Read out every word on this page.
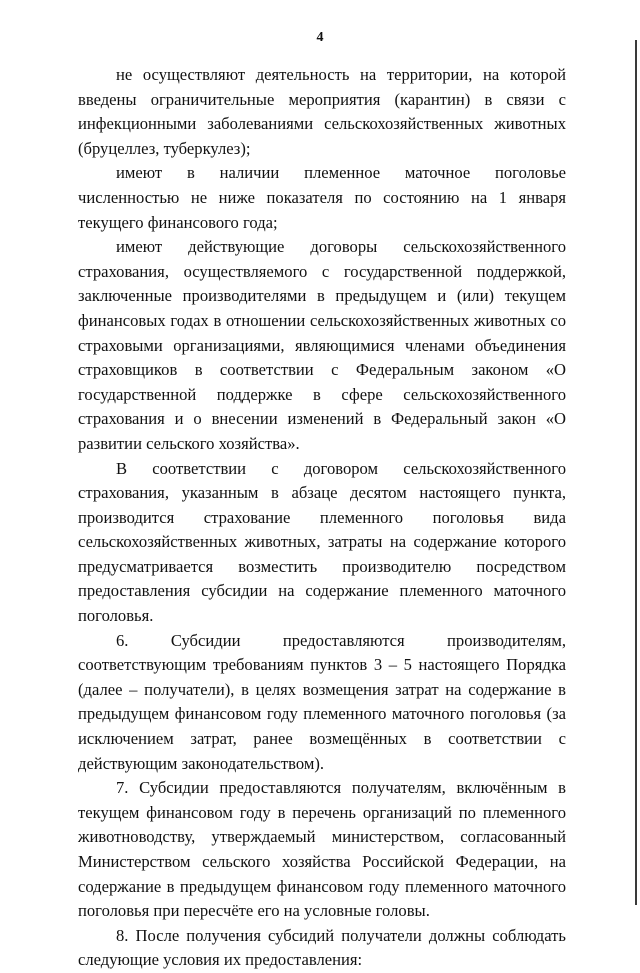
4

не осуществляют деятельность на территории, на которой введены ограничительные мероприятия (карантин) в связи с инфекционными заболеваниями сельскохозяйственных животных (бруцеллез, туберкулез);

имеют в наличии племенное маточное поголовье численностью не ниже показателя по состоянию на 1 января текущего финансового года;

имеют действующие договоры сельскохозяйственного страхования, осуществляемого с государственной поддержкой, заключенные производителями в предыдущем и (или) текущем финансовых годах в отношении сельскохозяйственных животных со страховыми организациями, являющимися членами объединения страховщиков в соответствии с Федеральным законом «О государственной поддержке в сфере сельскохозяйственного страхования и о внесении изменений в Федеральный закон «О развитии сельского хозяйства».

В соответствии с договором сельскохозяйственного страхования, указанным в абзаце десятом настоящего пункта, производится страхование племенного поголовья вида сельскохозяйственных животных, затраты на содержание которого предусматривается возместить производителю посредством предоставления субсидии на содержание племенного маточного поголовья.

6. Субсидии предоставляются производителям, соответствующим требованиям пунктов 3 – 5 настоящего Порядка (далее – получатели), в целях возмещения затрат на содержание в предыдущем финансовом году племенного маточного поголовья (за исключением затрат, ранее возмещённых в соответствии с действующим законодательством).

7. Субсидии предоставляются получателям, включённым в текущем финансовом году в перечень организаций по племенного животноводству, утверждаемый министерством, согласованный Министерством сельского хозяйства Российской Федерации, на содержание в предыдущем финансовом году племенного маточного поголовья при пересчёте его на условные головы.

8. После получения субсидий получатели должны соблюдать следующие условия их предоставления:
